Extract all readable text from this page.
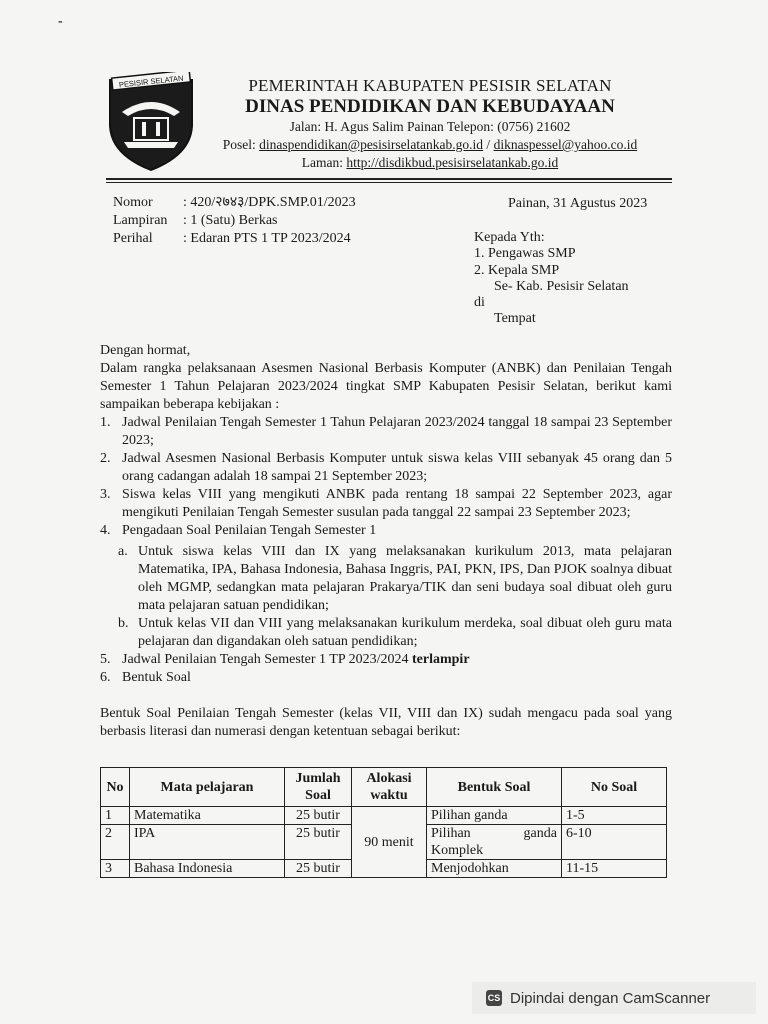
-
PESISIR SELATAN	PEMERINTAH KABUPATEN PESISIR SELATAN
DINAS PENDIDIKAN DAN KEBUDAYAAN
Jalan: H. Agus Salim Painan Telepon: (0756) 21602
Posel: dinaspendidikan@pesisirselatankab.go.id / diknaspessel@yahoo.co.id
Laman: http://disdikbud.pesisirselatankab.go.id
Nomor	: 420/२७४३/DPK.SMP.01/2023
Lampiran	: 1 (Satu) Berkas
Perihal	: Edaran PTS 1 TP 2023/2024
Painan, 31 Agustus 2023
Kepada Yth:
1. Pengawas SMP
2. Kepala SMP
Se- Kab. Pesisir Selatan
di
Tempat

Dengan hormat,

Dalam rangka pelaksanaan Asesmen Nasional Berbasis Komputer (ANBK) dan Penilaian Tengah Semester 1 Tahun Pelajaran 2023/2024 tingkat SMP Kabupaten Pesisir Selatan, berikut kami sampaikan beberapa kebijakan :

1. Jadwal Penilaian Tengah Semester 1 Tahun Pelajaran 2023/2024 tanggal 18 sampai 23 September 2023;
2. Jadwal Asesmen Nasional Berbasis Komputer untuk siswa kelas VIII sebanyak 45 orang dan 5 orang cadangan adalah 18 sampai 21 September 2023;
3. Siswa kelas VIII yang mengikuti ANBK pada rentang 18 sampai 22 September 2023, agar mengikuti Penilaian Tengah Semester susulan pada tanggal 22 sampai 23 September 2023;
4. Pengadaan Soal Penilaian Tengah Semester 1
a. Untuk siswa kelas VIII dan IX yang melaksanakan kurikulum 2013, mata pelajaran Matematika, IPA, Bahasa Indonesia, Bahasa Inggris, PAI, PKN, IPS, Dan PJOK soalnya dibuat oleh MGMP, sedangkan mata pelajaran Prakarya/TIK dan seni budaya soal dibuat oleh guru mata pelajaran satuan pendidikan;
b. Untuk kelas VII dan VIII yang melaksanakan kurikulum merdeka, soal dibuat oleh guru mata pelajaran dan digandakan oleh satuan pendidikan;
5. Jadwal Penilaian Tengah Semester 1 TP 2023/2024 terlampir
6. Bentuk Soal

Bentuk Soal Penilaian Tengah Semester (kelas VII, VIII dan IX) sudah mengacu pada soal yang berbasis literasi dan numerasi dengan ketentuan sebagai berikut:

No	Mata pelajaran	Jumlah Soal	Alokasi waktu	Bentuk Soal	No Soal
1	Matematika	25 butir	90 menit	Pilihan ganda	1-5
2	IPA	25 butir		Pilihan ganda Komplek	6-10
3	Bahasa Indonesia	25 butir		Menjodohkan	11-15
CS Dipindai dengan CamScanner
